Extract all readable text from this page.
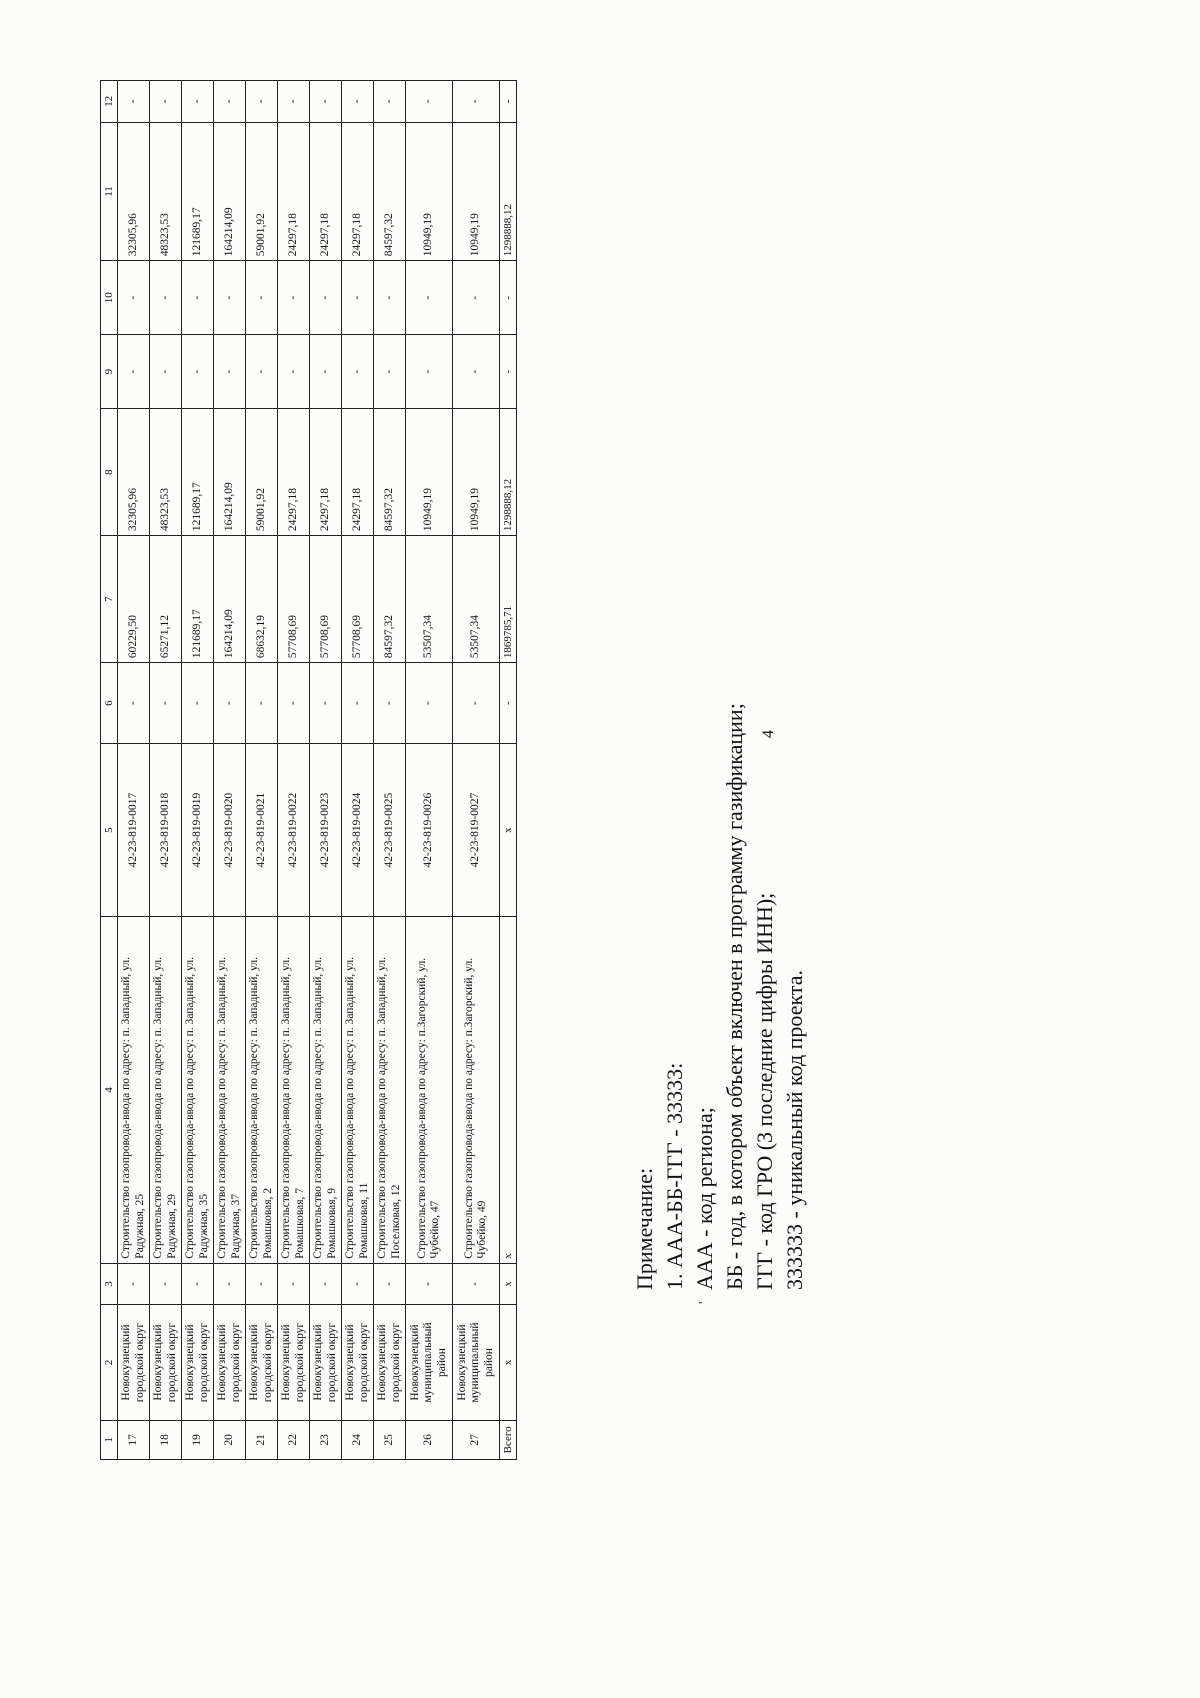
4
1	2	3	4	5	6	7	8	9	10	11	12
17	Новокузнецкий городской округ	-	Строительство газопровода-ввода по адресу: п. Западный, ул. Радужная, 25	42-23-819-0017	-	60229,50	32305,96	-	-	32305,96	-
18	Новокузнецкий городской округ	-	Строительство газопровода-ввода по адресу: п. Западный, ул. Радужная, 29	42-23-819-0018	-	65271,12	48323,53	-	-	48323,53	-
19	Новокузнецкий городской округ	-	Строительство газопровода-ввода по адресу: п. Западный, ул. Радужная, 35	42-23-819-0019	-	121689,17	121689,17	-	-	121689,17	-
20	Новокузнецкий городской округ	-	Строительство газопровода-ввода по адресу: п. Западный, ул. Радужная, 37	42-23-819-0020	-	164214,09	164214,09	-	-	164214,09	-
21	Новокузнецкий городской округ	-	Строительство газопровода-ввода по адресу: п. Западный, ул. Ромашковая, 2	42-23-819-0021	-	68632,19	59001,92	-	-	59001,92	-
22	Новокузнецкий городской округ	-	Строительство газопровода-ввода по адресу: п. Западный, ул. Ромашковая, 7	42-23-819-0022	-	57708,69	24297,18	-	-	24297,18	-
23	Новокузнецкий городской округ	-	Строительство газопровода-ввода по адресу: п. Западный, ул. Ромашковая, 9	42-23-819-0023	-	57708,69	24297,18	-	-	24297,18	-
24	Новокузнецкий городской округ	-	Строительство газопровода-ввода по адресу: п. Западный, ул. Ромашковая, 11	42-23-819-0024	-	57708,69	24297,18	-	-	24297,18	-
25	Новокузнецкий городской округ	-	Строительство газопровода-ввода по адресу: п. Западный, ул. Поселковая, 12	42-23-819-0025	-	84597,32	84597,32	-	-	84597,32	-
26	Новокузнецкий муниципальный район	-	Строительство газопровода-ввода по адресу: п.Загорский, ул. Чубейко, 47	42-23-819-0026	-	53507,34	10949,19	-	-	10949,19	-
27	Новокузнецкий муниципальный район	-	Строительство газопровода-ввода по адресу: п.Загорский, ул. Чубейко, 49	42-23-819-0027	-	53507,34	10949,19	-	-	10949,19	-
Всего	x	x	x	x	-	1869785,71	1298888,12	-	-	1298888,12	-
'
Примечание: 1. ААА-ББ-ГГГ - 33333: ААА - код региона; ББ - год, в котором объект включен в программу газификации; ГГГ - код ГРО (3 последние цифры ИНН); 333333 - уникальный код проекта.
